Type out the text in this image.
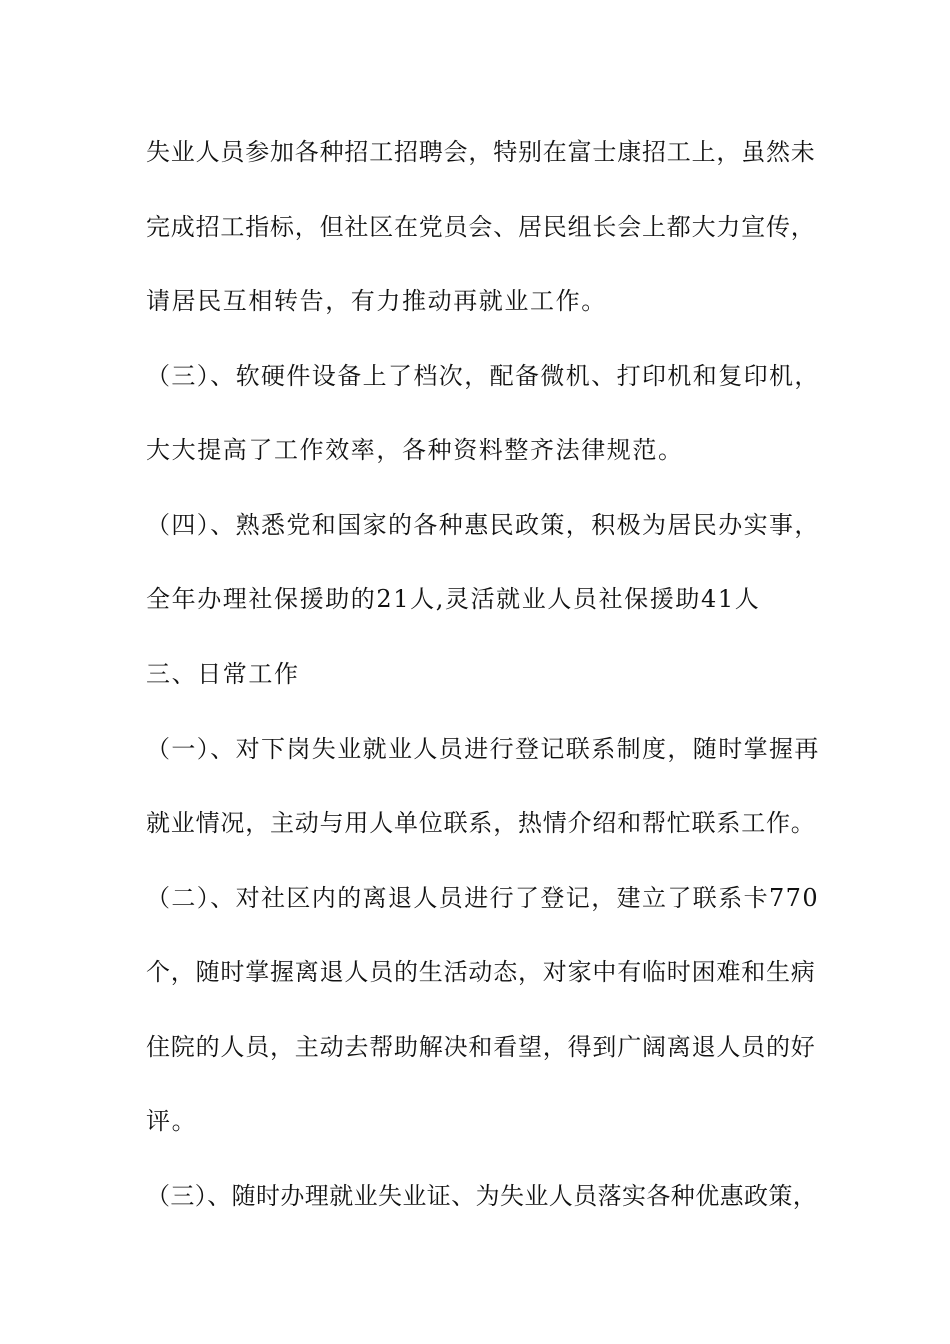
失业人员参加各种招工招聘会，特别在富士康招工上，虽然未

完成招工指标，但社区在党员会、居民组长会上都大力宣传，

请居民互相转告，有力推动再就业工作。

（三）、软硬件设备上了档次，配备微机、打印机和复印机，

大大提高了工作效率，各种资料整齐法律规范。

（四）、熟悉党和国家的各种惠民政策，积极为居民办实事，

全年办理社保援助的21人,灵活就业人员社保援助41人

三、日常工作

（一）、对下岗失业就业人员进行登记联系制度，随时掌握再

就业情况，主动与用人单位联系，热情介绍和帮忙联系工作。

（二）、对社区内的离退人员进行了登记，建立了联系卡770

个，随时掌握离退人员的生活动态，对家中有临时困难和生病

住院的人员，主动去帮助解决和看望，得到广阔离退人员的好

评。

（三）、随时办理就业失业证、为失业人员落实各种优惠政策，
